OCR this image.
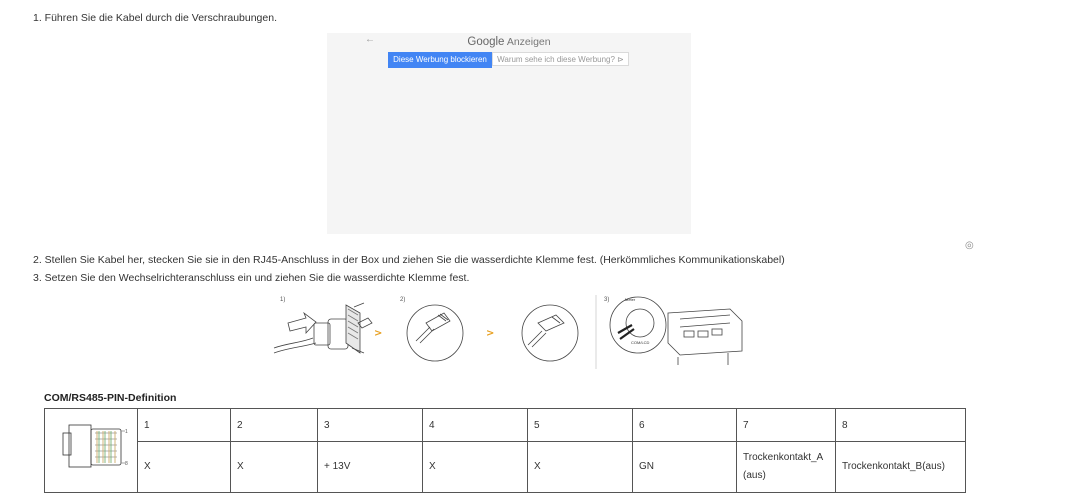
1. Führen Sie die Kabel durch die Verschraubungen.
←	Google Anzeigen
Diese Werbung blockieren	Warum sehe ich diese Werbung? ⊳
◎
2. Stellen Sie Kabel her, stecken Sie sie in den RJ45-Anschluss in der Box und ziehen Sie die wasserdichte Klemme fest. (Herkömmliches Kommunikationskabel)
3. Setzen Sie den Wechselrichteranschluss ein und ziehen Sie die wasserdichte Klemme fest.
1)
>
2)
>
3)	Meter
COM/LCD
COM/RS485-PIN-Definition
1
8	1	2	3	4	5	6	7	8
	X	X	+ 13V	X	X	GN	Trockenkontakt_A (aus)	Trockenkontakt_B(aus)
